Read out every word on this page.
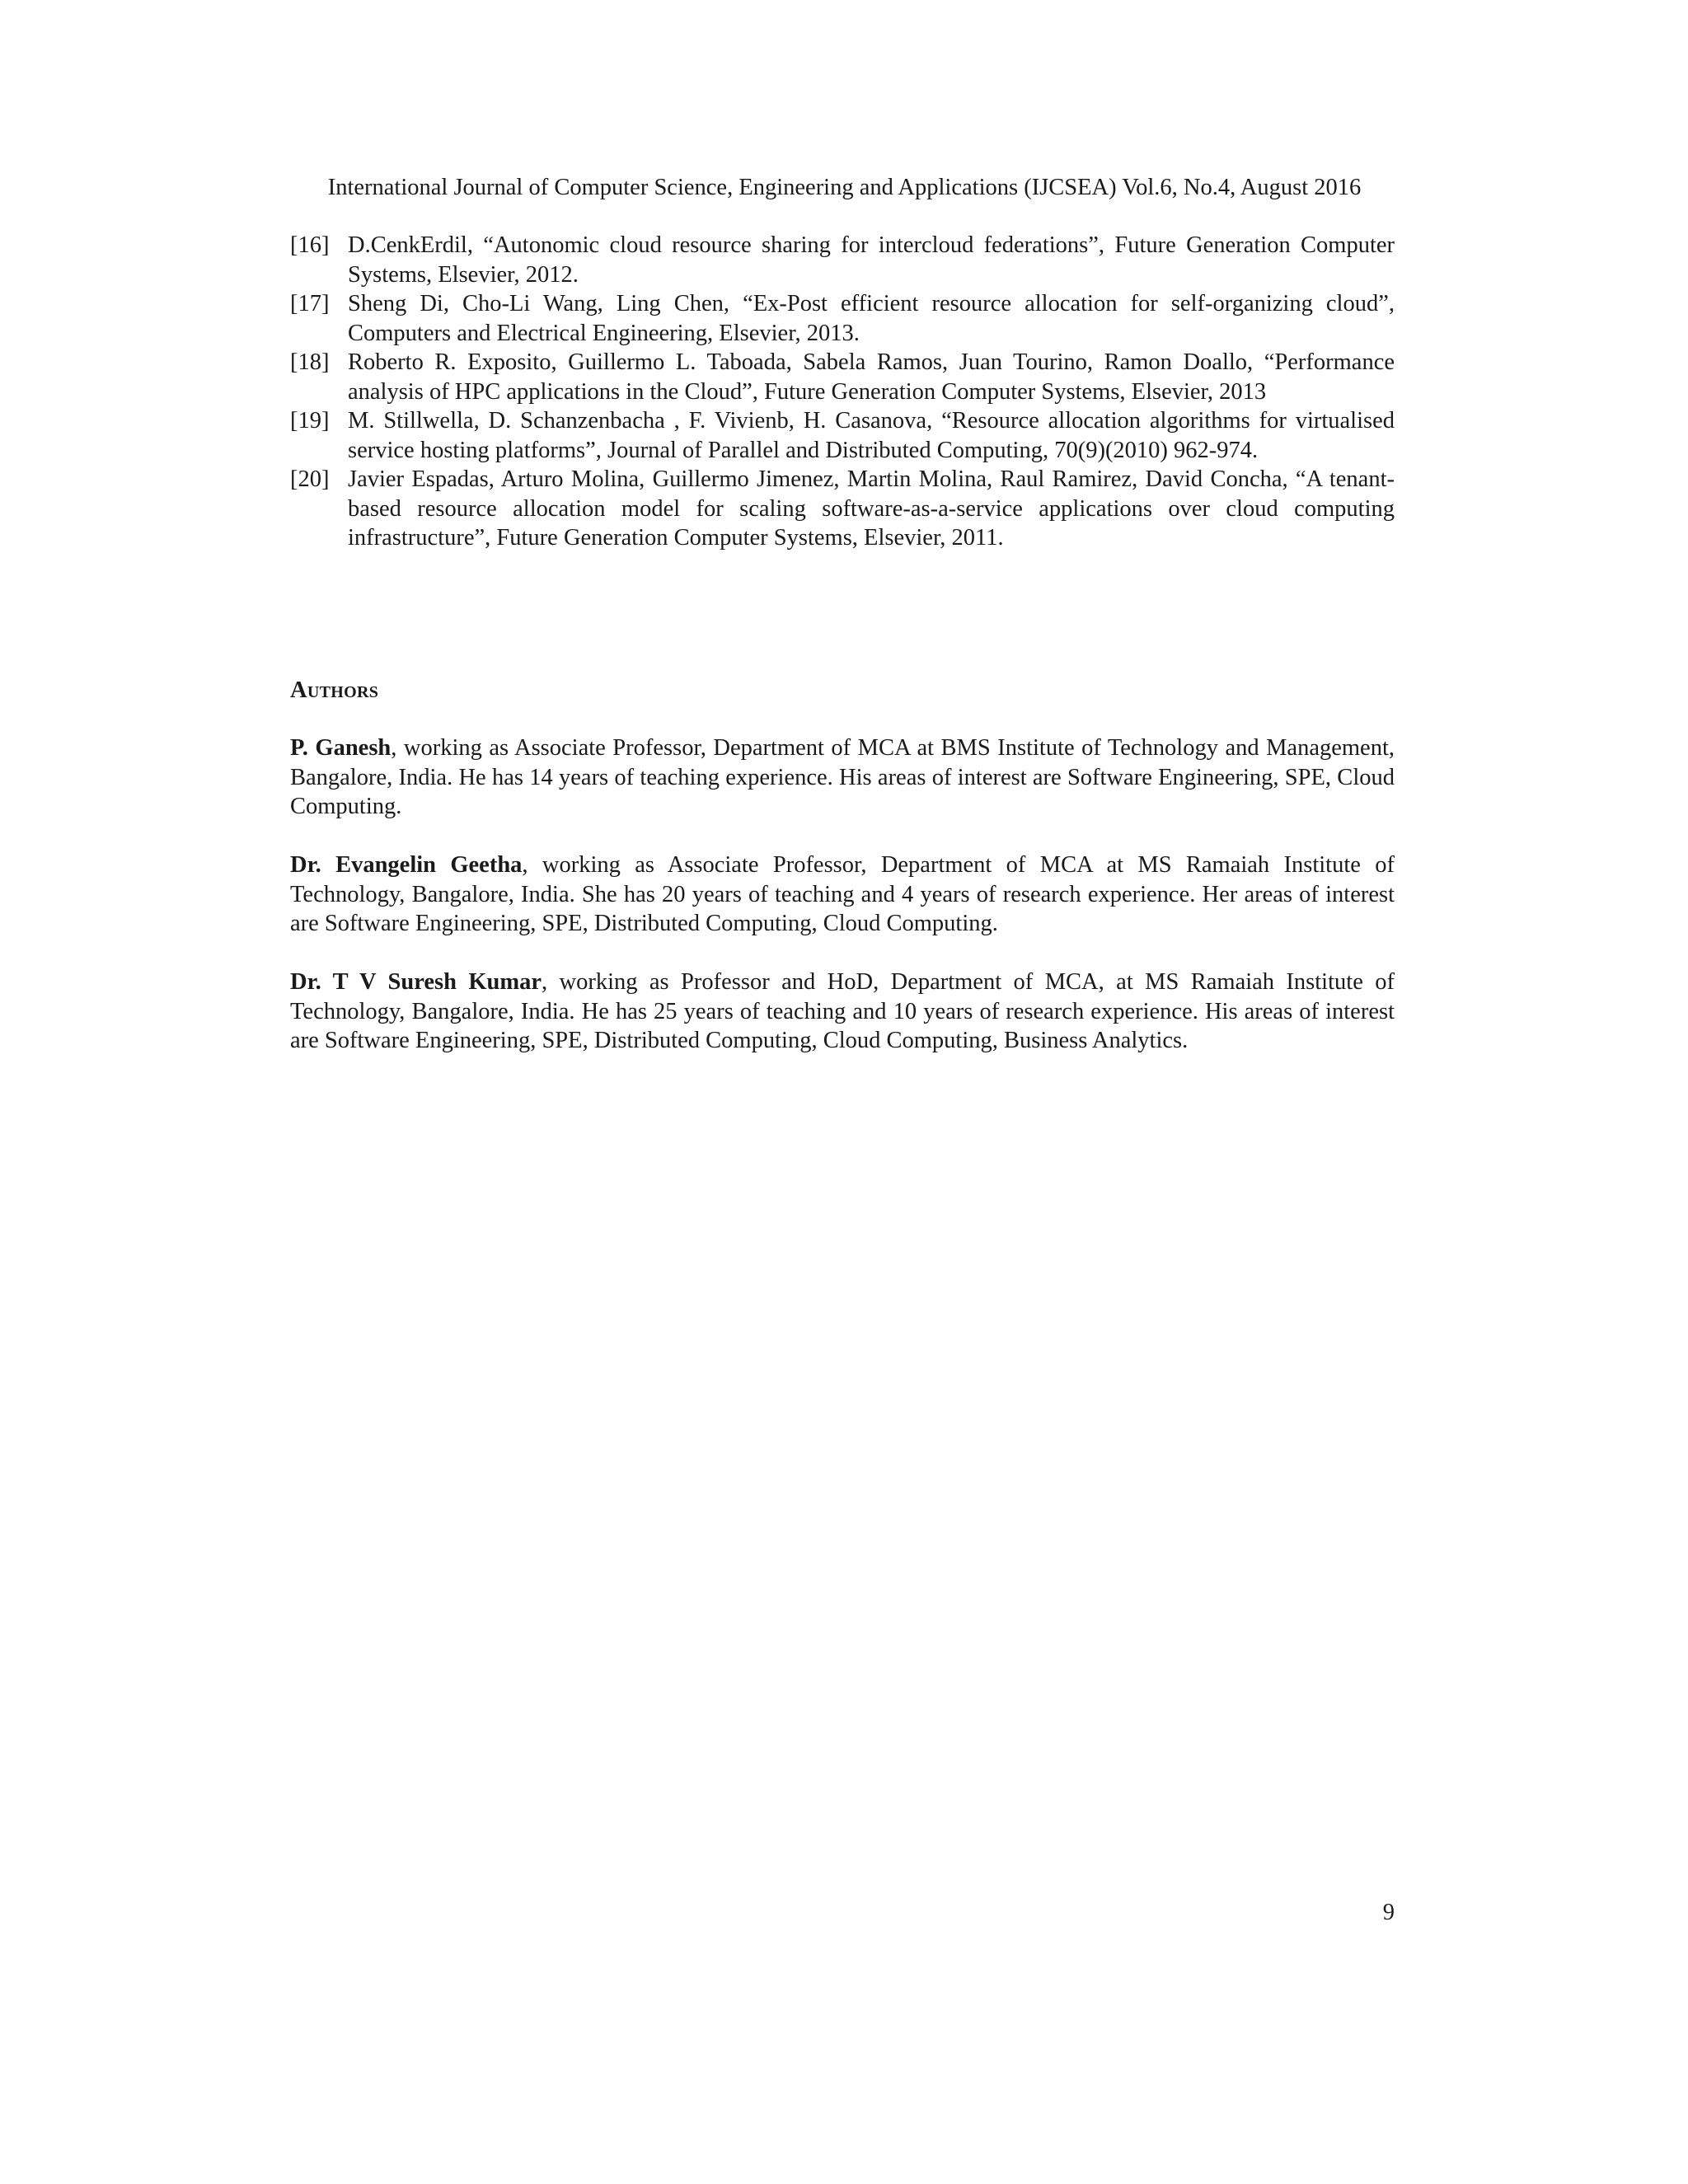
International Journal of Computer Science, Engineering and Applications (IJCSEA) Vol.6, No.4, August 2016
[16] D.CenkErdil, “Autonomic cloud resource sharing for intercloud federations”, Future Generation Computer Systems, Elsevier, 2012.
[17] Sheng Di, Cho-Li Wang, Ling Chen, “Ex-Post efficient resource allocation for self-organizing cloud”, Computers and Electrical Engineering, Elsevier, 2013.
[18] Roberto R. Exposito, Guillermo L. Taboada, Sabela Ramos, Juan Tourino, Ramon Doallo, “Performance analysis of HPC applications in the Cloud”, Future Generation Computer Systems, Elsevier, 2013
[19] M. Stillwella, D. Schanzenbacha , F. Vivienb, H. Casanova, “Resource allocation algorithms for virtualised service hosting platforms”, Journal of Parallel and Distributed Computing, 70(9)(2010) 962-974.
[20] Javier Espadas, Arturo Molina, Guillermo Jimenez, Martin Molina, Raul Ramirez, David Concha, “A tenant-based resource allocation model for scaling software-as-a-service applications over cloud computing infrastructure”, Future Generation Computer Systems, Elsevier, 2011.
Authors

P. Ganesh, working as Associate Professor, Department of MCA at BMS Institute of Technology and Management, Bangalore, India. He has 14 years of teaching experience. His areas of interest are Software Engineering, SPE, Cloud Computing.

Dr. Evangelin Geetha, working as Associate Professor, Department of MCA at MS Ramaiah Institute of Technology, Bangalore, India. She has 20 years of teaching and 4 years of research experience. Her areas of interest are Software Engineering, SPE, Distributed Computing, Cloud Computing.

Dr. T V Suresh Kumar, working as Professor and HoD, Department of MCA, at MS Ramaiah Institute of Technology, Bangalore, India. He has 25 years of teaching and 10 years of research experience. His areas of interest are Software Engineering, SPE, Distributed Computing, Cloud Computing, Business Analytics.

9
